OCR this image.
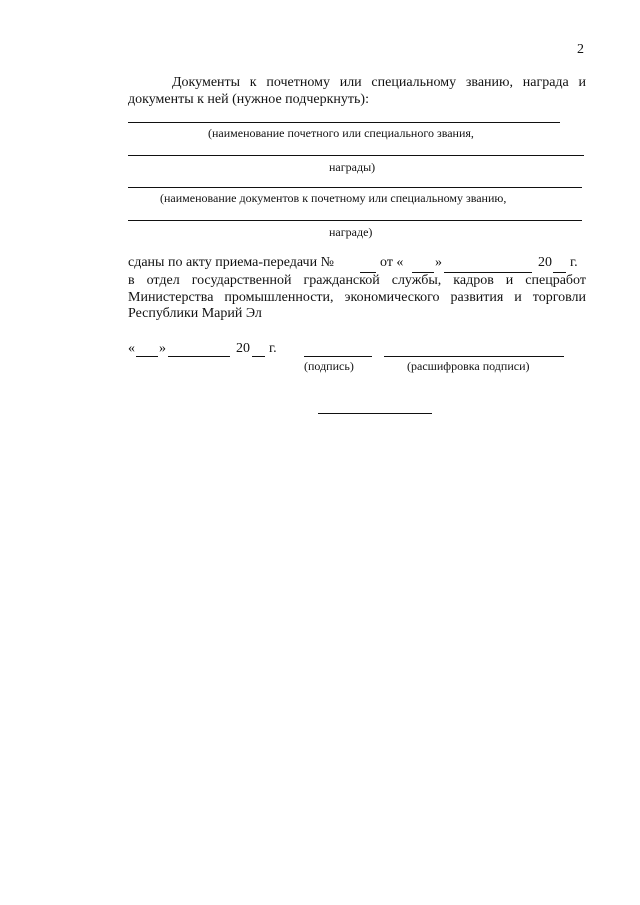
2
Документы к почетному или специальному званию, награда и
документы к ней (нужное подчеркнуть):
(наименование почетного или специального звания,
награды)
(наименование документов к почетному или специальному званию,
награде)
сданы по акту приема-передачи №	от « »	20 г.
в отдел государственной гражданской службы, кадров и спецработ
Министерства промышленности, экономического развития и торговли
Республики Марий Эл
« »	20 г.
(подпись)	(расшифровка подписи)
